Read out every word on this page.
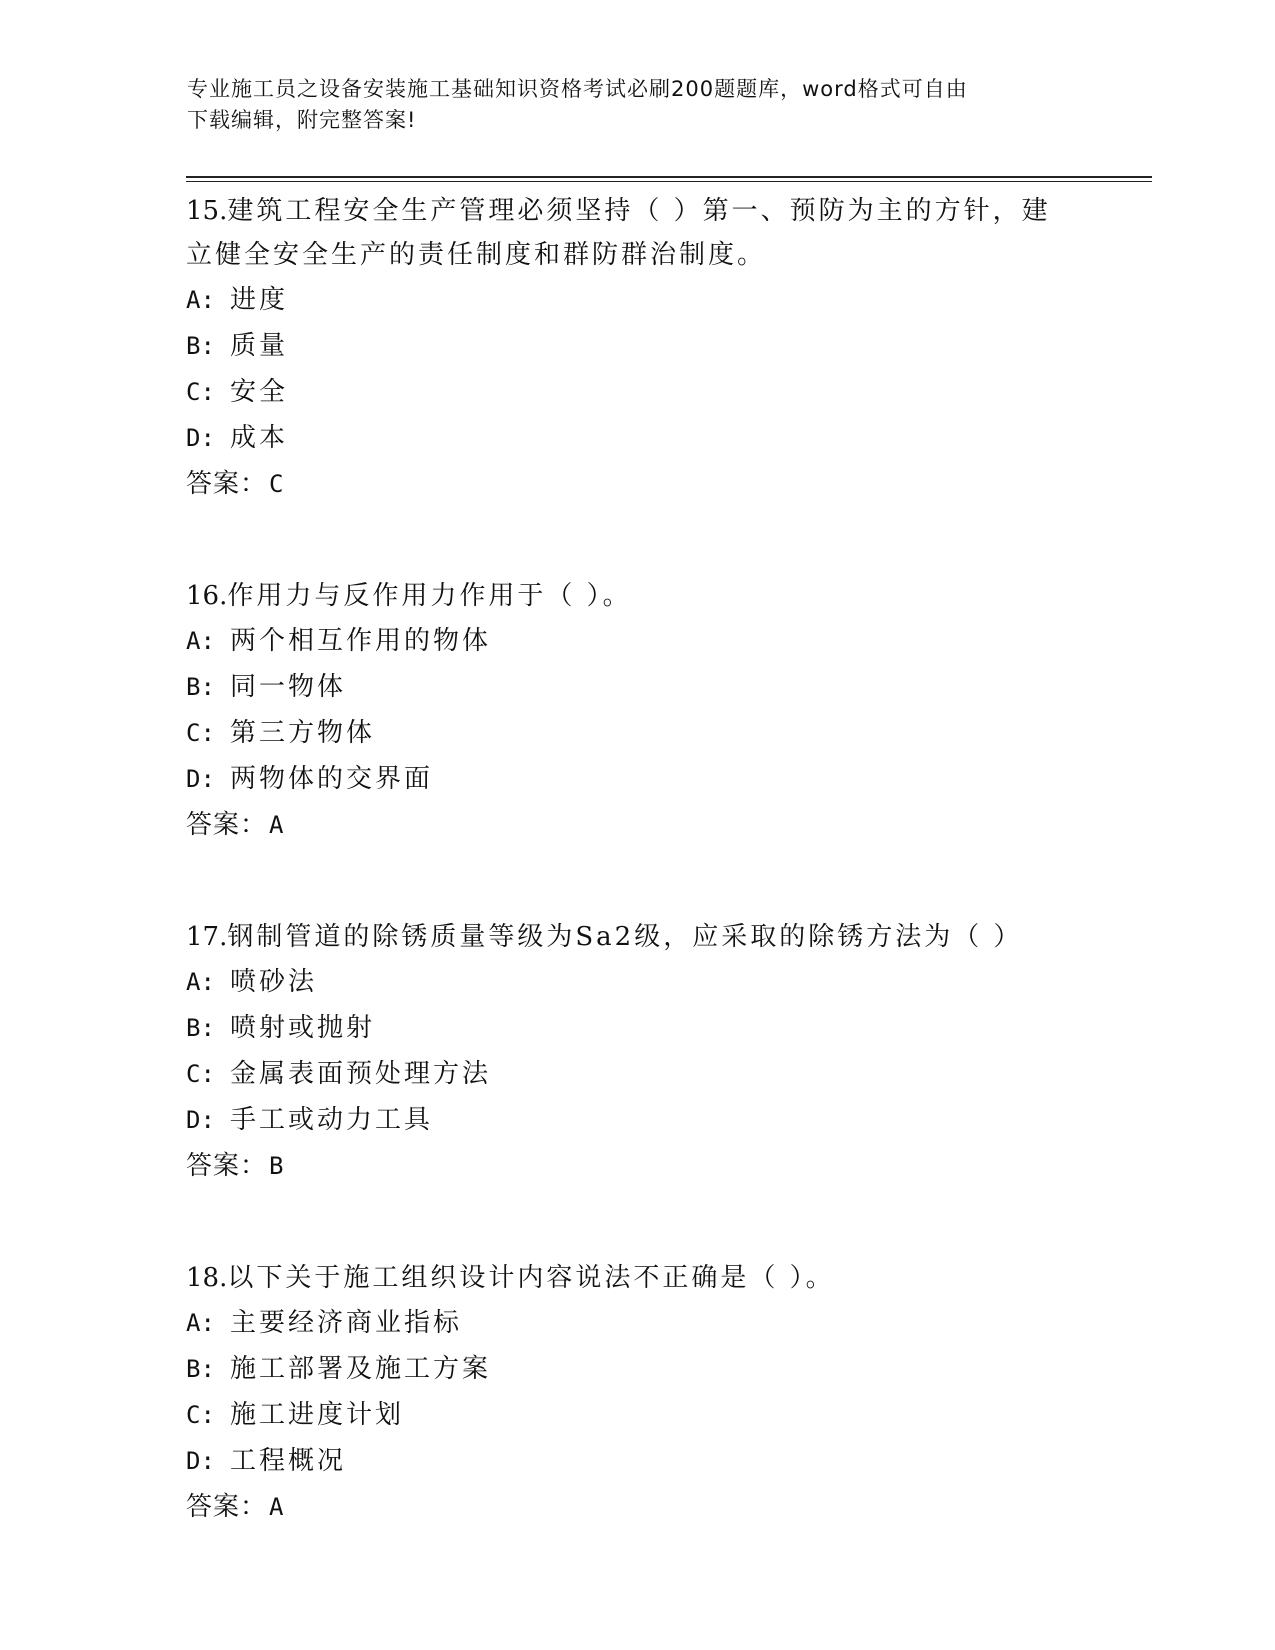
专业施工员之设备安装施工基础知识资格考试必刷200题题库，word格式可自由
下载编辑，附完整答案!

15.建筑工程安全生产管理必须坚持（ ）第一、预防为主的方针，建

立健全安全生产的责任制度和群防群治制度。

A: 进度
B: 质量
C: 安全
D: 成本

答案：C

16.作用力与反作用力作用于（ ）。

A: 两个相互作用的物体
B: 同一物体
C: 第三方物体
D: 两物体的交界面

答案：A

17.钢制管道的除锈质量等级为Sa2级，应采取的除锈方法为（ ）

A: 喷砂法
B: 喷射或抛射
C: 金属表面预处理方法
D: 手工或动力工具

答案：B

18.以下关于施工组织设计内容说法不正确是（ ）。

A: 主要经济商业指标
B: 施工部署及施工方案
C: 施工进度计划
D: 工程概况

答案：A
